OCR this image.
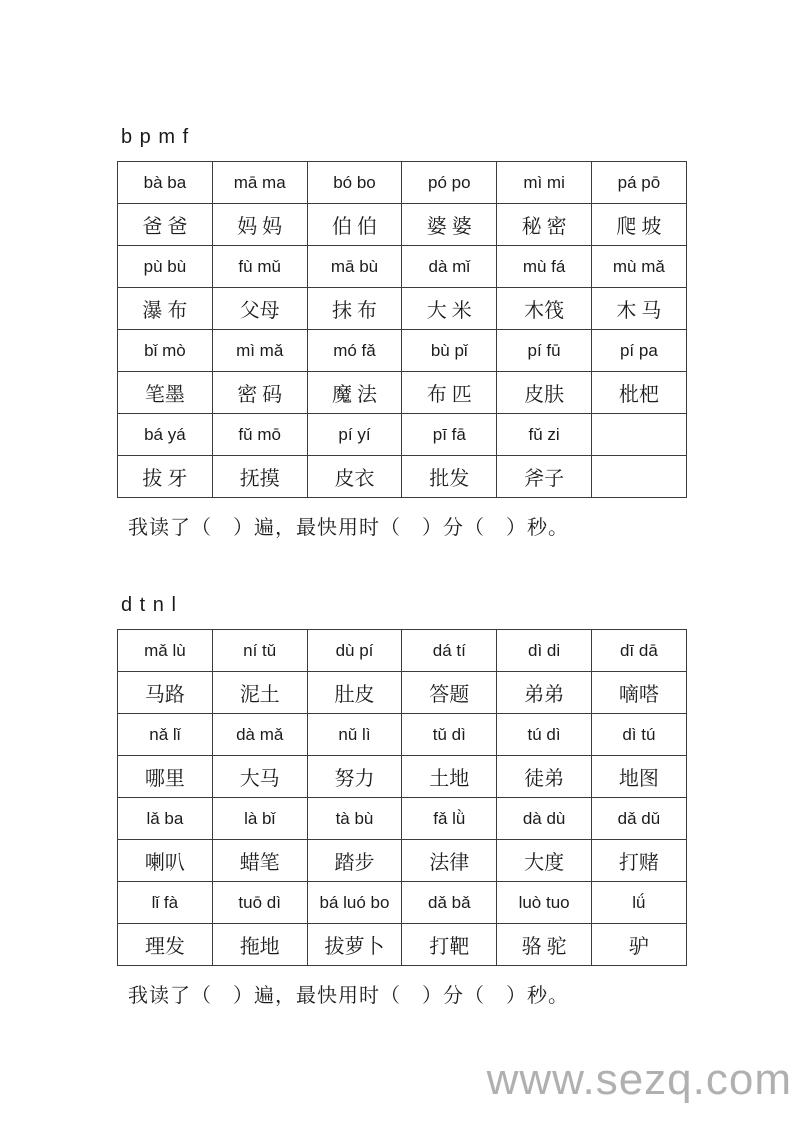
b p m f
bà ba	mā ma	bó bo	pó po	mì mi	pá pō
爸 爸	妈 妈	伯 伯	婆 婆	秘 密	爬 坡
pù bù	fù mǔ	mā bù	dà mǐ	mù fá	mù mǎ
瀑 布	父母	抹 布	大 米	木筏	木 马
bǐ mò	mì mǎ	mó fǎ	bù pǐ	pí fū	pí pa
笔墨	密 码	魔 法	布 匹	皮肤	枇杷
bá yá	fǔ mō	pí yí	pī fā	fǔ zi	
拔 牙	抚摸	皮衣	批发	斧子	
我读了（　）遍，最快用时（　）分（　）秒。
d t n l
mǎ lù	ní tǔ	dù pí	dá tí	dì di	dī dā
马路	泥土	肚皮	答题	弟弟	嘀嗒
nǎ lǐ	dà mǎ	nǔ lì	tǔ dì	tú dì	dì tú
哪里	大马	努力	土地	徒弟	地图
lǎ ba	là bǐ	tà bù	fǎ lǜ	dà dù	dǎ dǔ
喇叭	蜡笔	踏步	法律	大度	打赌
lǐ fà	tuō dì	bá luó bo	dǎ bǎ	luò tuo	lǘ
理发	拖地	拔萝卜	打靶	骆 驼	驴
我读了（　）遍，最快用时（　）分（　）秒。
www.sezq.com
